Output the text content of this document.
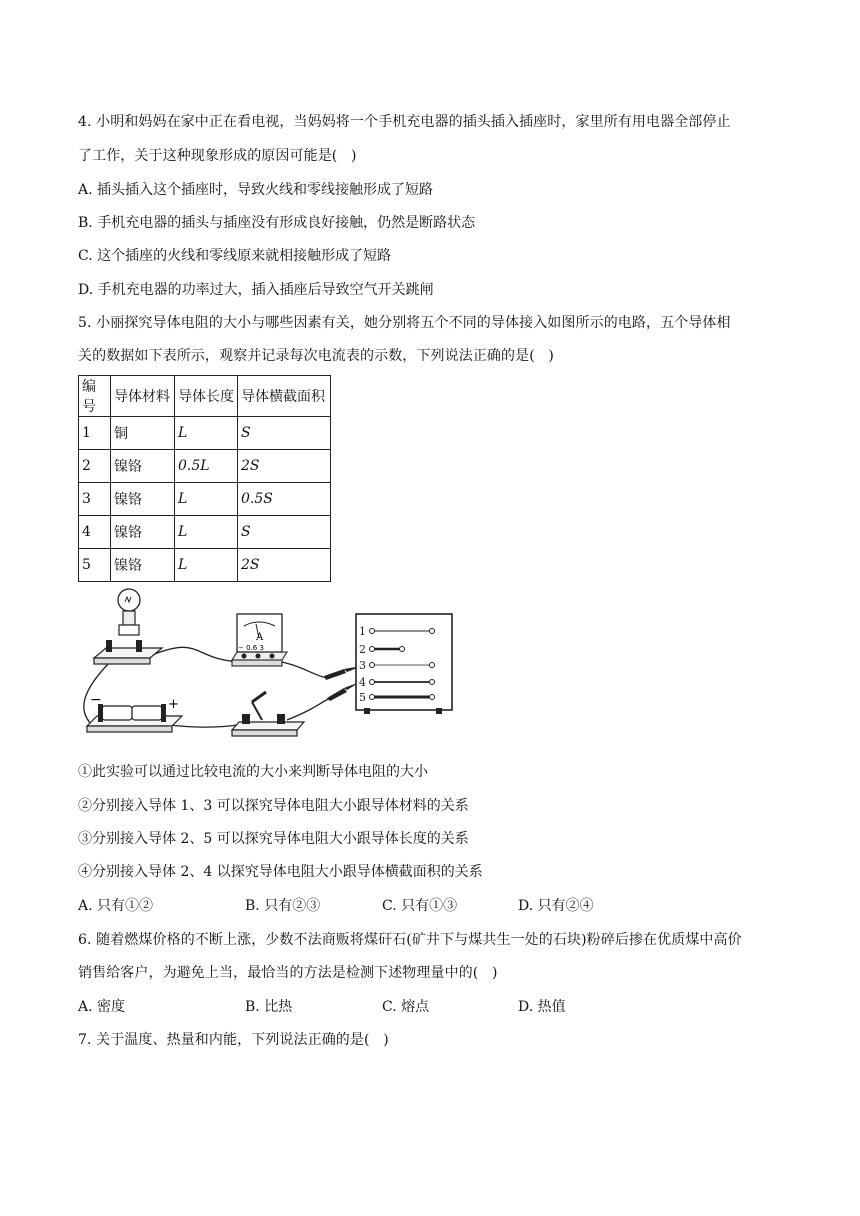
4. 小明和妈妈在家中正在看电视，当妈妈将一个手机充电器的插头插入插座时，家里所有用电器全部停止
了工作，关于这种现象形成的原因可能是(   )
A. 插头插入这个插座时，导致火线和零线接触形成了短路
B. 手机充电器的插头与插座没有形成良好接触，仍然是断路状态
C. 这个插座的火线和零线原来就相接触形成了短路
D. 手机充电器的功率过大，插入插座后导致空气开关跳闸
5. 小丽探究导体电阻的大小与哪些因素有关，她分别将五个不同的导体接入如图所示的电路，五个导体相
关的数据如下表所示，观察并记录每次电流表的示数，下列说法正确的是(   )
编号	导体材料	导体长度	导体横截面积
1	铜	L	S
2	镍铬	0.5L	2S
3	镍铬	L	0.5S
4	镍铬	L	S
5	镍铬	L	2S
A
− 0.6 3
−	+
1
2
3
4
5
①此实验可以通过比较电流的大小来判断导体电阻的大小
②分别接入导体 1、3 可以探究导体电阻大小跟导体材料的关系
③分别接入导体 2、5 可以探究导体电阻大小跟导体长度的关系
④分别接入导体 2、4 以探究导体电阻大小跟导体横截面积的关系
A. 只有①②	B. 只有②③	C. 只有①③	D. 只有②④
6. 随着燃煤价格的不断上涨，少数不法商贩将煤矸石(矿井下与煤共生一处的石块)粉碎后掺在优质煤中高价
销售给客户，为避免上当，最恰当的方法是检测下述物理量中的(   )
A. 密度	B. 比热	C. 熔点	D. 热值
7. 关于温度、热量和内能，下列说法正确的是(   )
